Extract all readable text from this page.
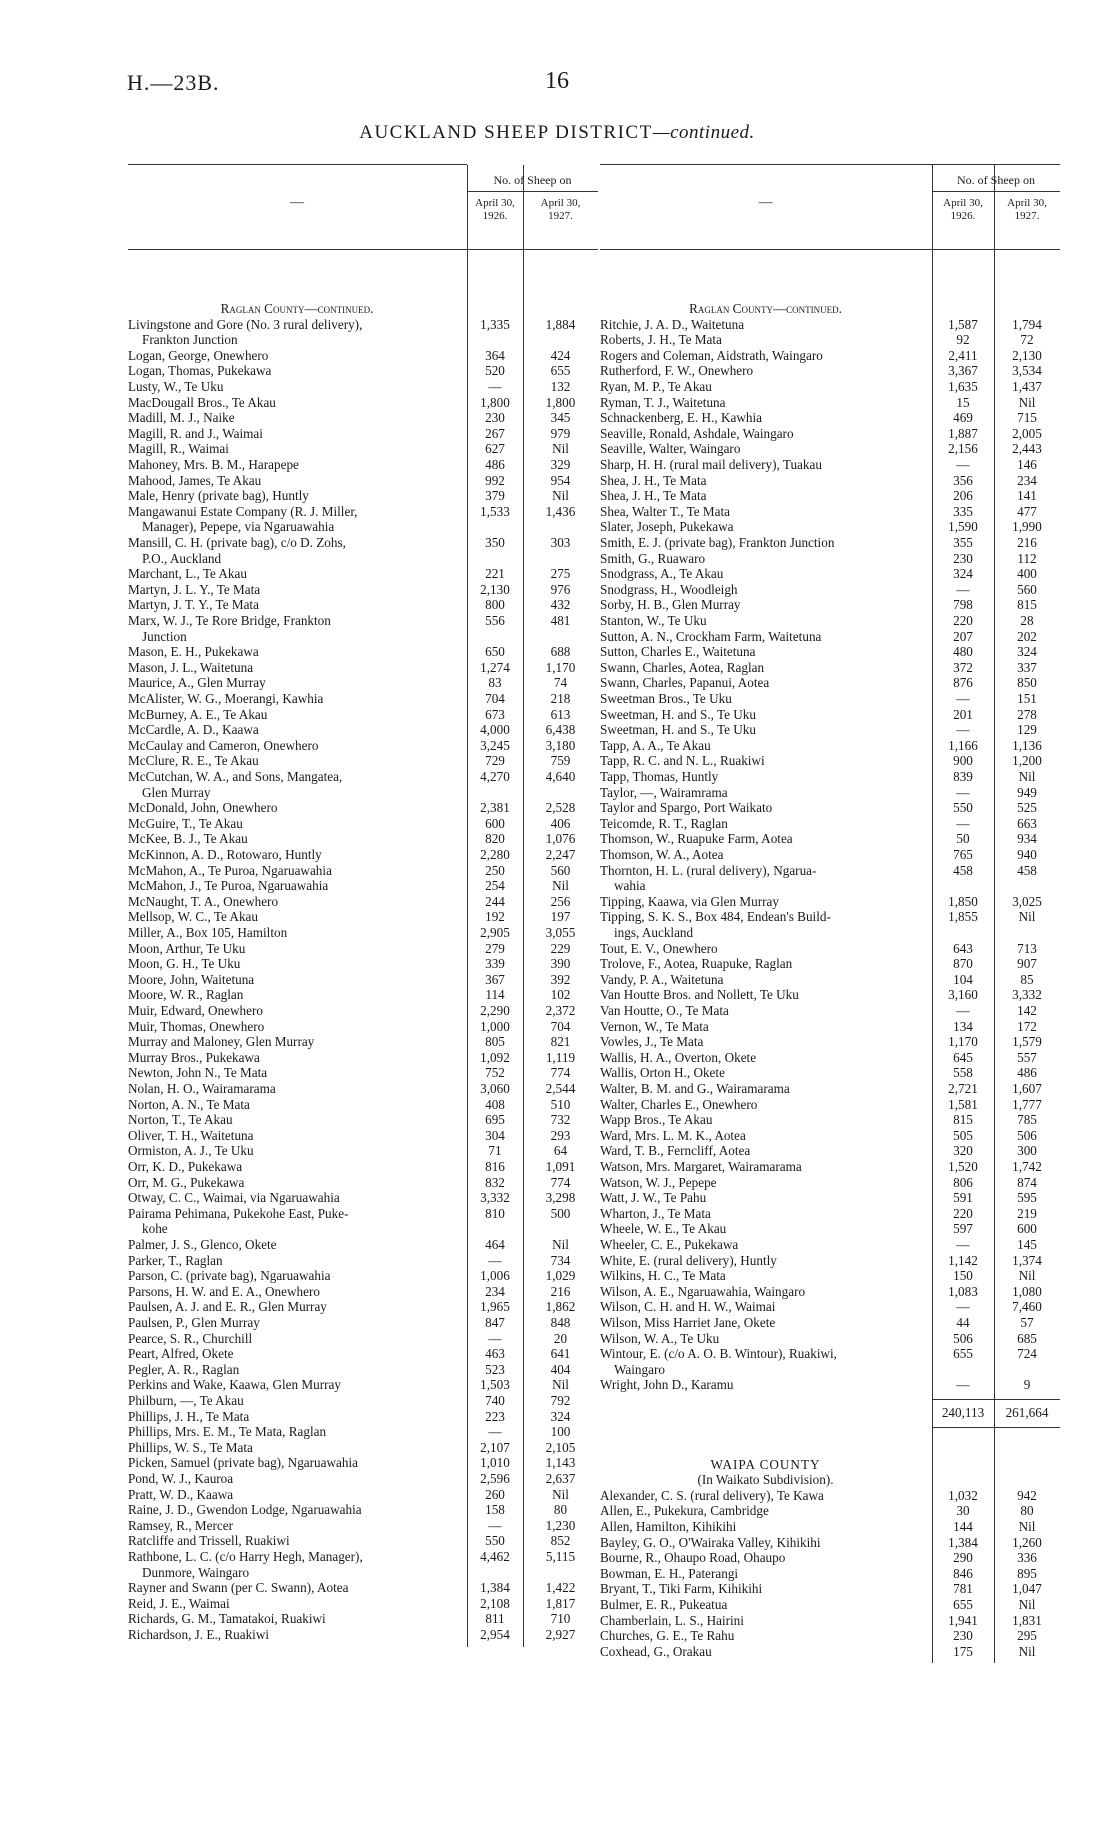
H.—23B.	16
AUCKLAND SHEEP DISTRICT—continued.
—
No. of Sheep on
April 30,
1926.
April 30,
1927.
Raglan County—continued.
Livingstone and Gore (No. 3 rural delivery),	1,335	1,884
Frankton Junction
Logan, George, Onewhero	364	424
Logan, Thomas, Pukekawa	520	655
Lusty, W., Te Uku	—	132
MacDougall Bros., Te Akau	1,800	1,800
Madill, M. J., Naike	230	345
Magill, R. and J., Waimai	267	979
Magill, R., Waimai	627	Nil
Mahoney, Mrs. B. M., Harapepe	486	329
Mahood, James, Te Akau	992	954
Male, Henry (private bag), Huntly	379	Nil
Mangawanui Estate Company (R. J. Miller,	1,533	1,436
Manager), Pepepe, via Ngaruawahia
Mansill, C. H. (private bag), c/o D. Zohs,	350	303
P.O., Auckland
Marchant, L., Te Akau	221	275
Martyn, J. L. Y., Te Mata	2,130	976
Martyn, J. T. Y., Te Mata	800	432
Marx, W. J., Te Rore Bridge, Frankton	556	481
Junction
Mason, E. H., Pukekawa	650	688
Mason, J. L., Waitetuna	1,274	1,170
Maurice, A., Glen Murray	83	74
McAlister, W. G., Moerangi, Kawhia	704	218
McBurney, A. E., Te Akau	673	613
McCardle, A. D., Kaawa	4,000	6,438
McCaulay and Cameron, Onewhero	3,245	3,180
McClure, R. E., Te Akau	729	759
McCutchan, W. A., and Sons, Mangatea,	4,270	4,640
Glen Murray
McDonald, John, Onewhero	2,381	2,528
McGuire, T., Te Akau	600	406
McKee, B. J., Te Akau	820	1,076
McKinnon, A. D., Rotowaro, Huntly	2,280	2,247
McMahon, A., Te Puroa, Ngaruawahia	250	560
McMahon, J., Te Puroa, Ngaruawahia	254	Nil
McNaught, T. A., Onewhero	244	256
Mellsop, W. C., Te Akau	192	197
Miller, A., Box 105, Hamilton	2,905	3,055
Moon, Arthur, Te Uku	279	229
Moon, G. H., Te Uku	339	390
Moore, John, Waitetuna	367	392
Moore, W. R., Raglan	114	102
Muir, Edward, Onewhero	2,290	2,372
Muir, Thomas, Onewhero	1,000	704
Murray and Maloney, Glen Murray	805	821
Murray Bros., Pukekawa	1,092	1,119
Newton, John N., Te Mata	752	774
Nolan, H. O., Wairamarama	3,060	2,544
Norton, A. N., Te Mata	408	510
Norton, T., Te Akau	695	732
Oliver, T. H., Waitetuna	304	293
Ormiston, A. J., Te Uku	71	64
Orr, K. D., Pukekawa	816	1,091
Orr, M. G., Pukekawa	832	774
Otway, C. C., Waimai, via Ngaruawahia	3,332	3,298
Pairama Pehimana, Pukekohe East, Puke-	810	500
kohe
Palmer, J. S., Glenco, Okete	464	Nil
Parker, T., Raglan	—	734
Parson, C. (private bag), Ngaruawahia	1,006	1,029
Parsons, H. W. and E. A., Onewhero	234	216
Paulsen, A. J. and E. R., Glen Murray	1,965	1,862
Paulsen, P., Glen Murray	847	848
Pearce, S. R., Churchill	—	20
Peart, Alfred, Okete	463	641
Pegler, A. R., Raglan	523	404
Perkins and Wake, Kaawa, Glen Murray	1,503	Nil
Philburn, —, Te Akau	740	792
Phillips, J. H., Te Mata	223	324
Phillips, Mrs. E. M., Te Mata, Raglan	—	100
Phillips, W. S., Te Mata	2,107	2,105
Picken, Samuel (private bag), Ngaruawahia	1,010	1,143
Pond, W. J., Kauroa	2,596	2,637
Pratt, W. D., Kaawa	260	Nil
Raine, J. D., Gwendon Lodge, Ngaruawahia	158	80
Ramsey, R., Mercer	—	1,230
Ratcliffe and Trissell, Ruakiwi	550	852
Rathbone, L. C. (c/o Harry Hegh, Manager),	4,462	5,115
Dunmore, Waingaro
Rayner and Swann (per C. Swann), Aotea	1,384	1,422
Reid, J. E., Waimai	2,108	1,817
Richards, G. M., Tamatakoi, Ruakiwi	811	710
Richardson, J. E., Ruakiwi	2,954	2,927
—
No. of Sheep on
April 30,
1926.
April 30,
1927.
Raglan County—continued.
Ritchie, J. A. D., Waitetuna	1,587	1,794
Roberts, J. H., Te Mata	92	72
Rogers and Coleman, Aidstrath, Waingaro	2,411	2,130
Rutherford, F. W., Onewhero	3,367	3,534
Ryan, M. P., Te Akau	1,635	1,437
Ryman, T. J., Waitetuna	15	Nil
Schnackenberg, E. H., Kawhia	469	715
Seaville, Ronald, Ashdale, Waingaro	1,887	2,005
Seaville, Walter, Waingaro	2,156	2,443
Sharp, H. H. (rural mail delivery), Tuakau	—	146
Shea, J. H., Te Mata	356	234
Shea, J. H., Te Mata	206	141
Shea, Walter T., Te Mata	335	477
Slater, Joseph, Pukekawa	1,590	1,990
Smith, E. J. (private bag), Frankton Junction	355	216
Smith, G., Ruawaro	230	112
Snodgrass, A., Te Akau	324	400
Snodgrass, H., Woodleigh	—	560
Sorby, H. B., Glen Murray	798	815
Stanton, W., Te Uku	220	28
Sutton, A. N., Crockham Farm, Waitetuna	207	202
Sutton, Charles E., Waitetuna	480	324
Swann, Charles, Aotea, Raglan	372	337
Swann, Charles, Papanui, Aotea	876	850
Sweetman Bros., Te Uku	—	151
Sweetman, H. and S., Te Uku	201	278
Sweetman, H. and S., Te Uku	—	129
Tapp, A. A., Te Akau	1,166	1,136
Tapp, R. C. and N. L., Ruakiwi	900	1,200
Tapp, Thomas, Huntly	839	Nil
Taylor, —, Wairamrama	—	949
Taylor and Spargo, Port Waikato	550	525
Teicomde, R. T., Raglan	—	663
Thomson, W., Ruapuke Farm, Aotea	50	934
Thomson, W. A., Aotea	765	940
Thornton, H. L. (rural delivery), Ngarua-	458	458
wahia
Tipping, Kaawa, via Glen Murray	1,850	3,025
Tipping, S. K. S., Box 484, Endean's Build-	1,855	Nil
ings, Auckland
Tout, E. V., Onewhero	643	713
Trolove, F., Aotea, Ruapuke, Raglan	870	907
Vandy, P. A., Waitetuna	104	85
Van Houtte Bros. and Nollett, Te Uku	3,160	3,332
Van Houtte, O., Te Mata	—	142
Vernon, W., Te Mata	134	172
Vowles, J., Te Mata	1,170	1,579
Wallis, H. A., Overton, Okete	645	557
Wallis, Orton H., Okete	558	486
Walter, B. M. and G., Wairamarama	2,721	1,607
Walter, Charles E., Onewhero	1,581	1,777
Wapp Bros., Te Akau	815	785
Ward, Mrs. L. M. K., Aotea	505	506
Ward, T. B., Ferncliff, Aotea	320	300
Watson, Mrs. Margaret, Wairamarama	1,520	1,742
Watson, W. J., Pepepe	806	874
Watt, J. W., Te Pahu	591	595
Wharton, J., Te Mata	220	219
Wheele, W. E., Te Akau	597	600
Wheeler, C. E., Pukekawa	—	145
White, E. (rural delivery), Huntly	1,142	1,374
Wilkins, H. C., Te Mata	150	Nil
Wilson, A. E., Ngaruawahia, Waingaro	1,083	1,080
Wilson, C. H. and H. W., Waimai	—	7,460
Wilson, Miss Harriet Jane, Okete	44	57
Wilson, W. A., Te Uku	506	685
Wintour, E. (c/o A. O. B. Wintour), Ruakiwi,	655	724
Waingaro
Wright, John D., Karamu	—	9
240,113	261,664
WAIPA COUNTY
(In Waikato Subdivision).
Alexander, C. S. (rural delivery), Te Kawa	1,032	942
Allen, E., Pukekura, Cambridge	30	80
Allen, Hamilton, Kihikihi	144	Nil
Bayley, G. O., O'Wairaka Valley, Kihikihi	1,384	1,260
Bourne, R., Ohaupo Road, Ohaupo	290	336
Bowman, E. H., Paterangi	846	895
Bryant, T., Tiki Farm, Kihikihi	781	1,047
Bulmer, E. R., Pukeatua	655	Nil
Chamberlain, L. S., Hairini	1,941	1,831
Churches, G. E., Te Rahu	230	295
Coxhead, G., Orakau	175	Nil
